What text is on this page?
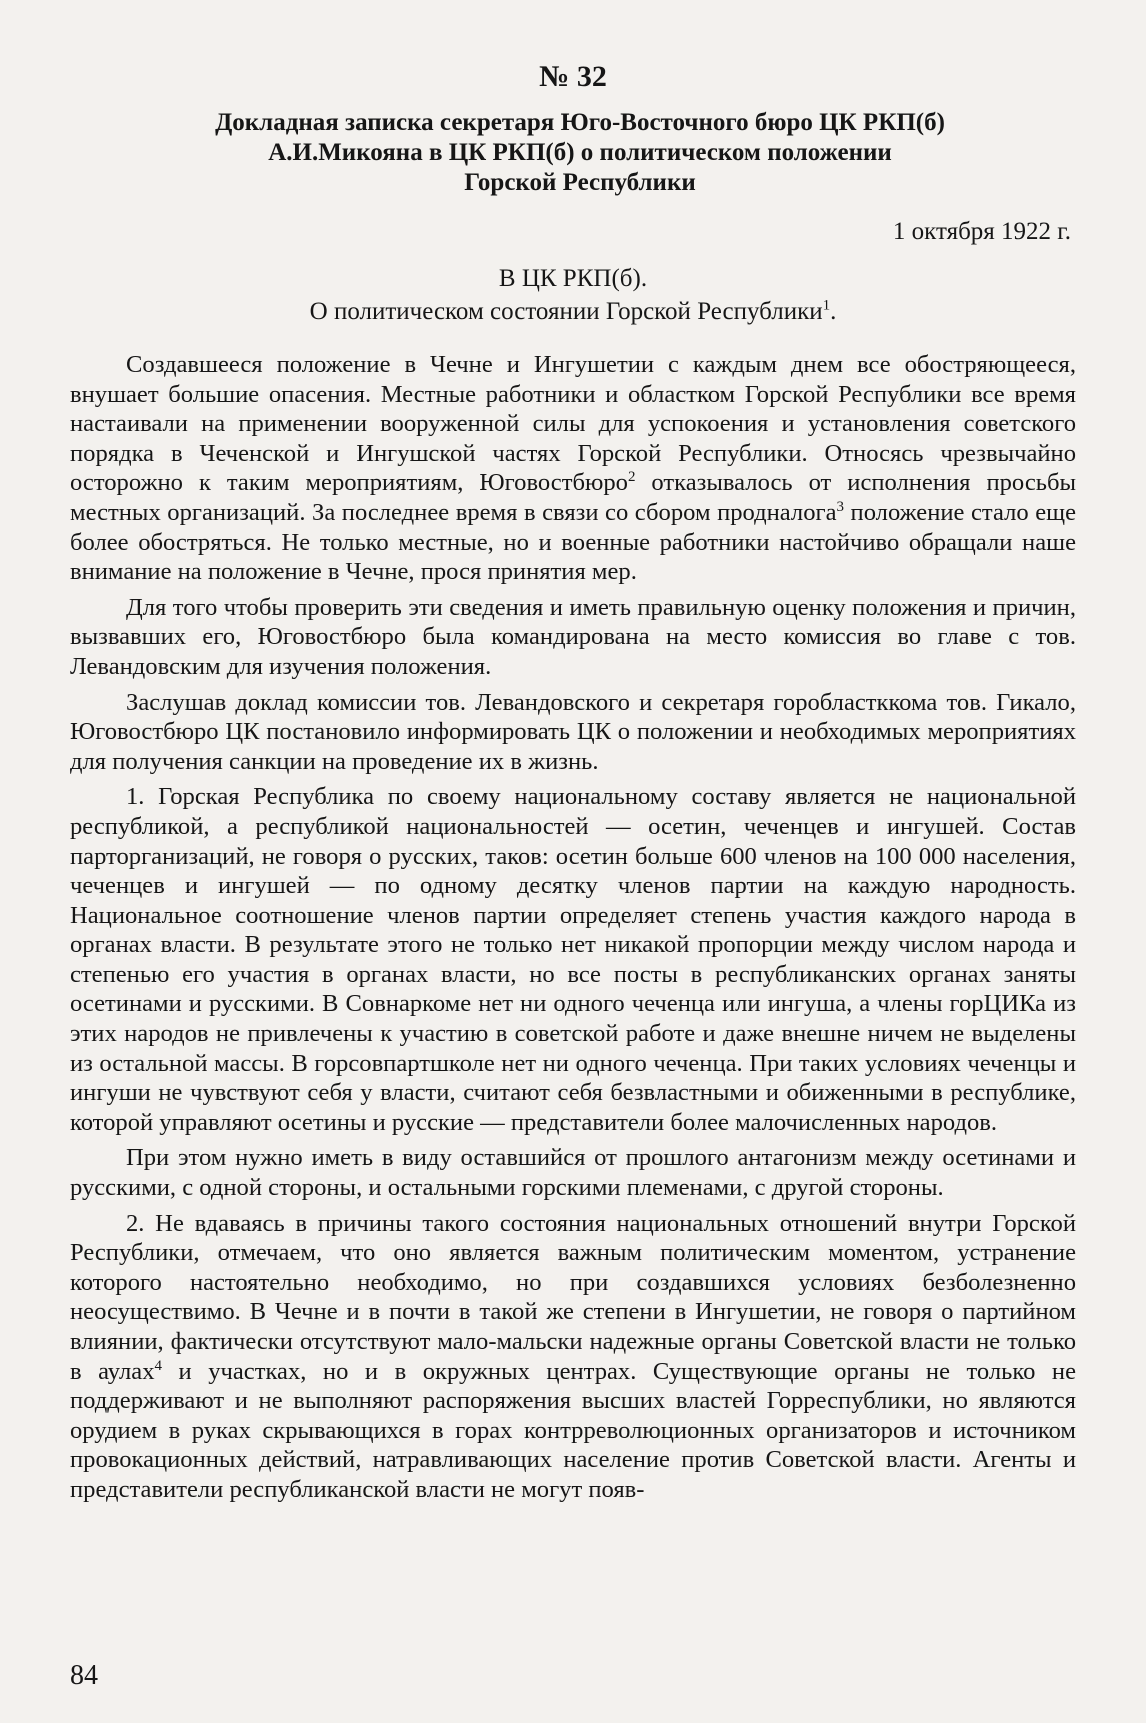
№ 32
Докладная записка секретаря Юго-Восточного бюро ЦК РКП(б)
А.И.Микояна в ЦК РКП(б) о политическом положении
Горской Республики
1 октября 1922 г.
В ЦК РКП(б).
О политическом состоянии Горской Республики$^1$.

Создавшееся положение в Чечне и Ингушетии с каждым днем все обостряющееся, внушает большие опасения. Местные работники и областком Горской Республики все время настаивали на применении вооруженной силы для успокоения и установления советского порядка в Чеченской и Ингушской частях Горской Республики. Относясь чрезвычайно осторожно к таким мероприятиям, Юговостбюро$^2$ отказывалось от исполнения просьбы местных организаций. За последнее время в связи со сбором продналога$^3$ положение стало еще более обостряться. Не только местные, но и военные работники настойчиво обращали наше внимание на положение в Чечне, прося принятия мер.

Для того чтобы проверить эти сведения и иметь правильную оценку положения и причин, вызвавших его, Юговостбюро была командирована на место комиссия во главе с тов. Левандовским для изучения положения.

Заслушав доклад комиссии тов. Левандовского и секретаря горобластккома тов. Гикало, Юговостбюро ЦК постановило информировать ЦК о положении и необходимых мероприятиях для получения санкции на проведение их в жизнь.

1. Горская Республика по своему национальному составу является не национальной республикой, а республикой национальностей — осетин, чеченцев и ингушей. Состав парторганизаций, не говоря о русских, таков: осетин больше 600 членов на 100 000 населения, чеченцев и ингушей — по одному десятку членов партии на каждую народность. Национальное соотношение членов партии определяет степень участия каждого народа в органах власти. В результате этого не только нет никакой пропорции между числом народа и степенью его участия в органах власти, но все посты в республиканских органах заняты осетинами и русскими. В Совнаркоме нет ни одного чеченца или ингуша, а члены горЦИКа из этих народов не привлечены к участию в советской работе и даже внешне ничем не выделены из остальной массы. В горсовпартшколе нет ни одного чеченца. При таких условиях чеченцы и ингуши не чувствуют себя у власти, считают себя безвластными и обиженными в республике, которой управляют осетины и русские — представители более малочисленных народов.

При этом нужно иметь в виду оставшийся от прошлого антагонизм между осетинами и русскими, с одной стороны, и остальными горскими племенами, с другой стороны.

2. Не вдаваясь в причины такого состояния национальных отношений внутри Горской Республики, отмечаем, что оно является важным политическим моментом, устранение которого настоятельно необходимо, но при создавшихся условиях безболезненно неосуществимо. В Чечне и в почти в такой же степени в Ингушетии, не говоря о партийном влиянии, фактически отсутствуют мало-мальски надежные органы Советской власти не только в аулах$^4$ и участках, но и в окружных центрах. Существующие органы не только не поддерживают и не выполняют распоряжения высших властей Горреспублики, но являются орудием в руках скрывающихся в горах контрреволюционных организаторов и источником провокационных действий, натравливающих население против Советской власти. Агенты и представители республиканской власти не могут появ-

84
